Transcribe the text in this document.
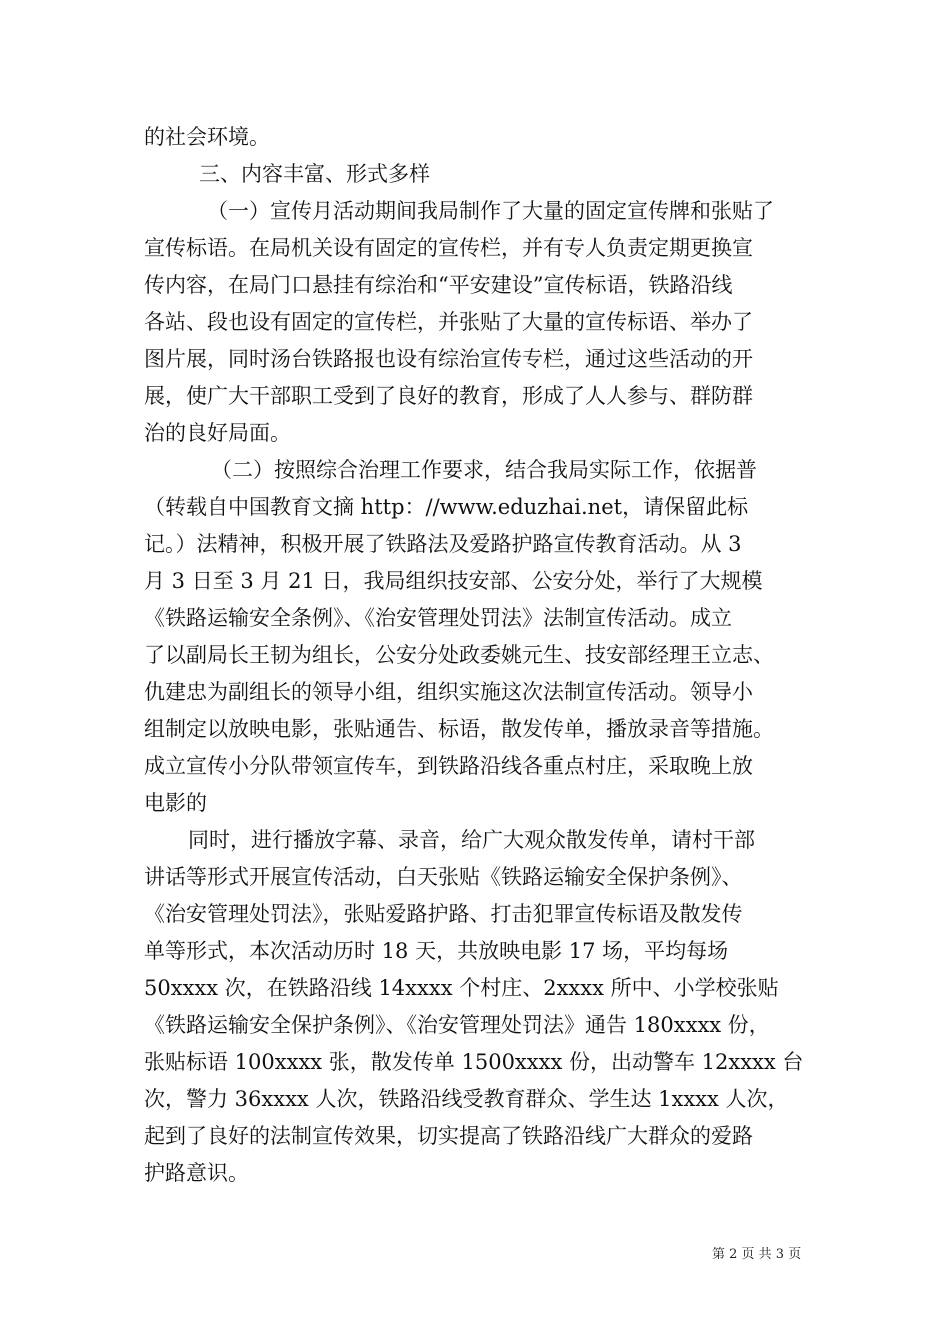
的社会环境。
三、内容丰富、形式多样
（一）宣传月活动期间我局制作了大量的固定宣传牌和张贴了
宣传标语。在局机关设有固定的宣传栏，并有专人负责定期更换宣
传内容，在局门口悬挂有综治和“平安建设”宣传标语，铁路沿线
各站、段也设有固定的宣传栏，并张贴了大量的宣传标语、举办了
图片展，同时汤台铁路报也设有综治宣传专栏，通过这些活动的开
展，使广大干部职工受到了良好的教育，形成了人人参与、群防群
治的良好局面。
（二）按照综合治理工作要求，结合我局实际工作，依据普
（转载自中国教育文摘 http：//www.eduzhai.net，请保留此标
记。）法精神，积极开展了铁路法及爱路护路宣传教育活动。从 3
月 3 日至 3 月 21 日，我局组织技安部、公安分处，举行了大规模
《铁路运输安全条例》、《治安管理处罚法》法制宣传活动。成立
了以副局长王韧为组长，公安分处政委姚元生、技安部经理王立志、
仇建忠为副组长的领导小组，组织实施这次法制宣传活动。领导小
组制定以放映电影，张贴通告、标语，散发传单，播放录音等措施。
成立宣传小分队带领宣传车，到铁路沿线各重点村庄，采取晚上放
电影的
同时，进行播放字幕、录音，给广大观众散发传单，请村干部
讲话等形式开展宣传活动，白天张贴《铁路运输安全保护条例》、
《治安管理处罚法》，张贴爱路护路、打击犯罪宣传标语及散发传
单等形式，本次活动历时 18 天，共放映电影 17 场，平均每场
50xxxx 次，在铁路沿线 14xxxx 个村庄、2xxxx 所中、小学校张贴
《铁路运输安全保护条例》、《治安管理处罚法》通告 180xxxx 份，
张贴标语 100xxxx 张，散发传单 1500xxxx 份，出动警车 12xxxx 台
次，警力 36xxxx 人次，铁路沿线受教育群众、学生达 1xxxx 人次，
起到了良好的法制宣传效果，切实提高了铁路沿线广大群众的爱路
护路意识。
第 2 页 共 3 页
